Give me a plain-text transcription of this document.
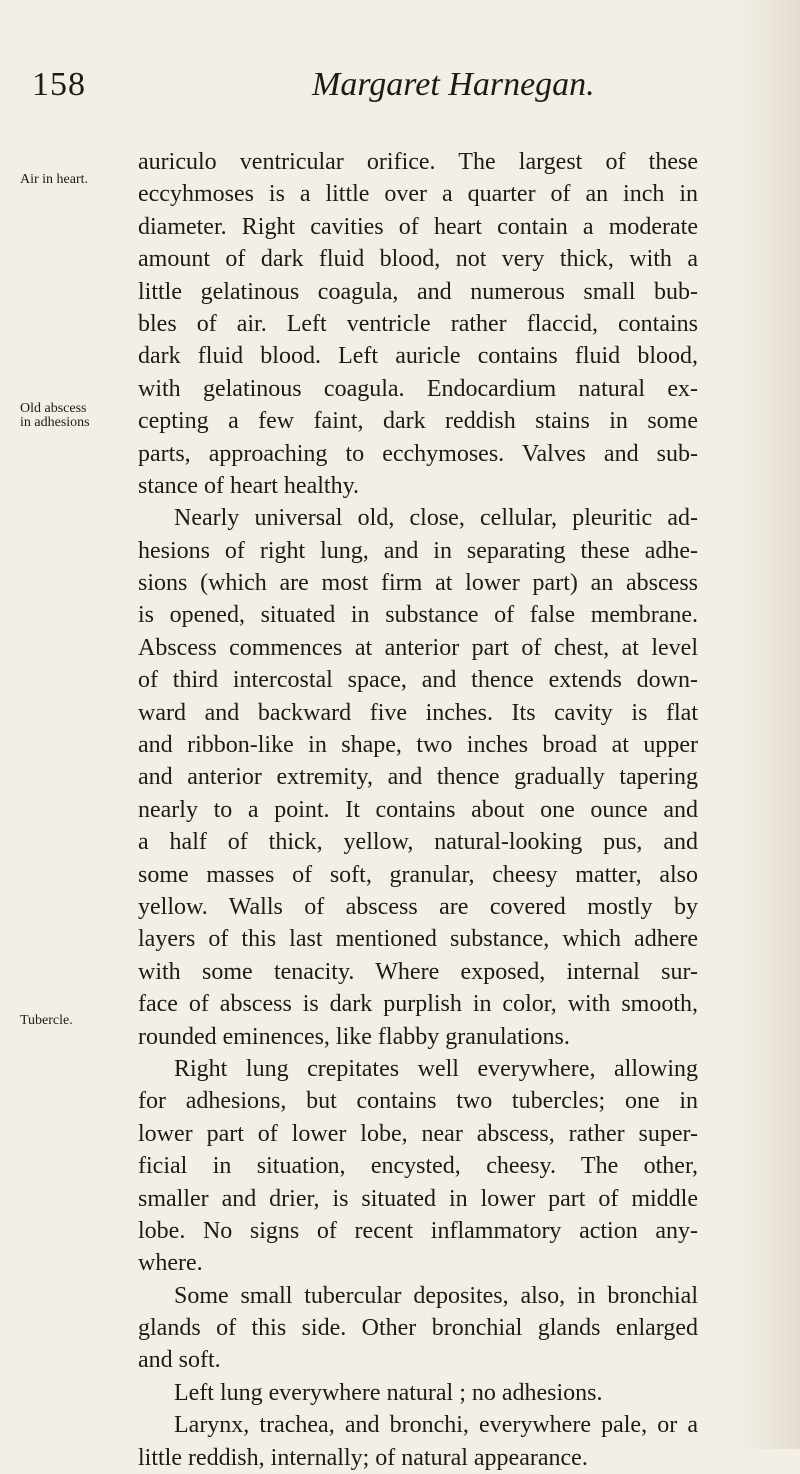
158	Margaret Harnegan.
Air in heart.
Old abscess
in adhesions
Tubercle.
auriculo ventricular orifice. The largest of these
eccyhmoses is a little over a quarter of an inch in
diameter. Right cavities of heart contain a moderate
amount of dark fluid blood, not very thick, with a
little gelatinous coagula, and numerous small bub-
bles of air. Left ventricle rather flaccid, contains
dark fluid blood. Left auricle contains fluid blood,
with gelatinous coagula. Endocardium natural ex-
cepting a few faint, dark reddish stains in some
parts, approaching to ecchymoses. Valves and sub-
stance of heart healthy.
Nearly universal old, close, cellular, pleuritic ad-
hesions of right lung, and in separating these adhe-
sions (which are most firm at lower part) an abscess
is opened, situated in substance of false membrane.
Abscess commences at anterior part of chest, at level
of third intercostal space, and thence extends down-
ward and backward five inches. Its cavity is flat
and ribbon-like in shape, two inches broad at upper
and anterior extremity, and thence gradually tapering
nearly to a point. It contains about one ounce and
a half of thick, yellow, natural-looking pus, and
some masses of soft, granular, cheesy matter, also
yellow. Walls of abscess are covered mostly by
layers of this last mentioned substance, which adhere
with some tenacity. Where exposed, internal sur-
face of abscess is dark purplish in color, with smooth,
rounded eminences, like flabby granulations.
Right lung crepitates well everywhere, allowing
for adhesions, but contains two tubercles; one in
lower part of lower lobe, near abscess, rather super-
ficial in situation, encysted, cheesy. The other,
smaller and drier, is situated in lower part of middle
lobe. No signs of recent inflammatory action any-
where.
Some small tubercular deposites, also, in bronchial
glands of this side. Other bronchial glands enlarged
and soft.
Left lung everywhere natural ; no adhesions.
Larynx, trachea, and bronchi, everywhere pale, or a
little reddish, internally; of natural appearance.
